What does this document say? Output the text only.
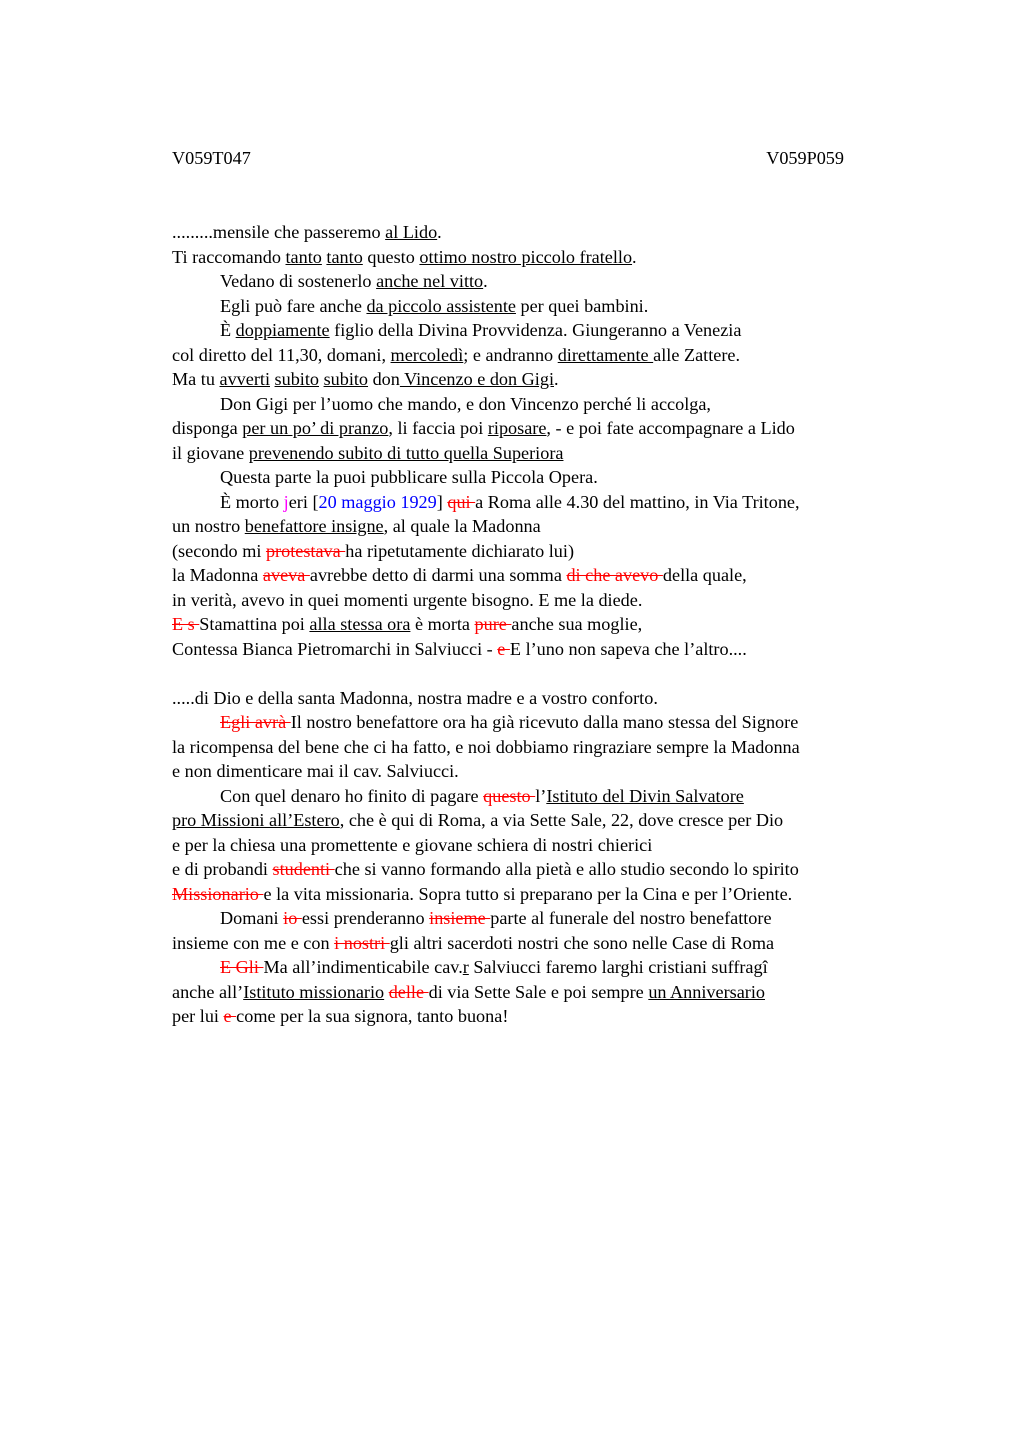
V059T047	V059P059
.........mensile che passeremo al Lido.
Ti raccomando tanto tanto questo ottimo nostro piccolo fratello.
Vedano di sostenerlo anche nel vitto.
Egli può fare anche da piccolo assistente per quei bambini.
È doppiamente figlio della Divina Provvidenza. Giungeranno a Venezia
col diretto del 11,30, domani, mercoledì; e andranno direttamente alle Zattere.
Ma tu avverti subito subito don Vincenzo e don Gigi.
Don Gigi per l’uomo che mando, e don Vincenzo perché li accolga,
disponga per un po’ di pranzo, li faccia poi riposare, - e poi fate accompagnare a Lido
il giovane prevenendo subito di tutto quella Superiora
Questa parte la puoi pubblicare sulla Piccola Opera.
È morto jeri [20 maggio 1929] qui a Roma alle 4.30 del mattino, in Via Tritone,
un nostro benefattore insigne, al quale la Madonna
(secondo mi protestava ha ripetutamente dichiarato lui)
la Madonna aveva avrebbe detto di darmi una somma di che avevo della quale,
in verità, avevo in quei momenti urgente bisogno. E me la diede.
E s Stamattina poi alla stessa ora è morta pure anche sua moglie,
Contessa Bianca Pietromarchi in Salviucci - e E l’uno non sapeva che l’altro....
.....di Dio e della santa Madonna, nostra madre e a vostro conforto.
Egli avrà Il nostro benefattore ora ha già ricevuto dalla mano stessa del Signore
la ricompensa del bene che ci ha fatto, e noi dobbiamo ringraziare sempre la Madonna
e non dimenticare mai il cav. Salviucci.
Con quel denaro ho finito di pagare questo l’Istituto del Divin Salvatore
pro Missioni all’Estero, che è qui di Roma, a via Sette Sale, 22, dove cresce per Dio
e per la chiesa una promettente e giovane schiera di nostri chierici
e di probandi studenti che si vanno formando alla pietà e allo studio secondo lo spirito
Missionario e la vita missionaria. Sopra tutto si preparano per la Cina e per l’Oriente.
Domani io essi prenderanno insieme parte al funerale del nostro benefattore
insieme con me e con i nostri gli altri sacerdoti nostri che sono nelle Case di Roma
E Gli Ma all’indimenticabile cav.r Salviucci faremo larghi cristiani suffragi
anche all’Istituto missionario delle di via Sette Sale e poi sempre un Anniversario
per lui e come per la sua signora, tanto buona!
